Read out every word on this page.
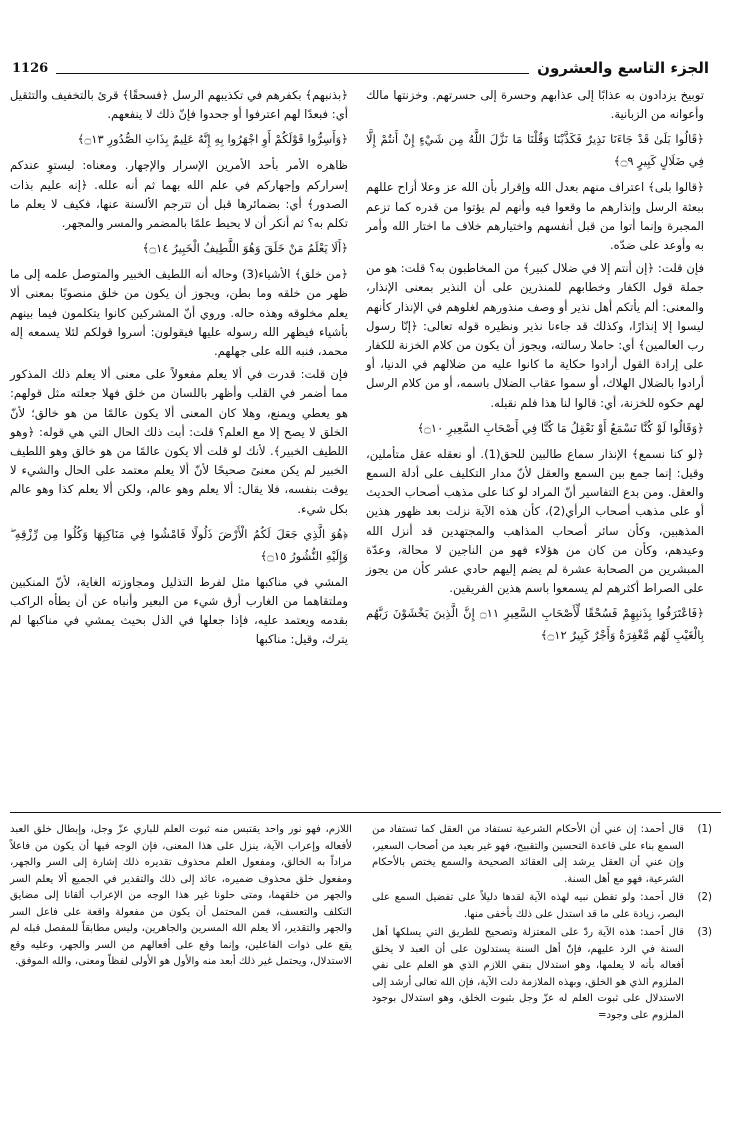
1126	الجزء التاسع والعشرون

توبيخ يزدادون به عذابًا إلى عذابهم وحسرة إلى حسرتهم. وخزنتها مالك وأعوانه من الزبانية.

﴿قَالُوا بَلَىٰ قَدْ جَاءَنَا نَذِيرٌ فَكَذَّبْنَا وَقُلْنَا مَا نَزَّلَ اللَّهُ مِن شَيْءٍ إِنْ أَنتُمْ إِلَّا فِي ضَلَالٍ كَبِيرٍ ۝٩﴾

﴿قالوا بلى﴾ اعتراف منهم بعدل الله وإقرار بأن الله عز وعلا أزاح عللهم ببعثة الرسل وإنذارهم ما وقعوا فيه وأنهم لم يؤتوا من قدره كما تزعم المجبرة وإنما أتوا من قبل أنفسهم واختيارهم خلاف ما اختار الله وأمر به وأوعد على ضدّه.

فإن قلت: ﴿إن أنتم إلا في ضلال كبير﴾ من المخاطبون به؟ قلت: هو من جملة قول الكفار وخطابهم للمنذرين على أن النذير بمعنى الإنذار، والمعنى: ألم يأتكم أهل نذير أو وصف منذورهم لغلوهم في الإنذار كأنهم ليسوا إلا إنذارًا، وكذلك قد جاءنا نذير ونظيره قوله تعالى: ﴿إنّا رسول رب العالمين﴾ أي: حاملا رسالته، ويجوز أن يكون من كلام الخزنة للكفار على إرادة القول أرادوا حكاية ما كانوا عليه من ضلالهم في الدنيا، أو أرادوا بالضلال الهلاك، أو سموا عقاب الضلال باسمه، أو من كلام الرسل لهم حكوه للخزنة، أي: قالوا لنا هذا فلم نقبله.

﴿وَقَالُوا لَوْ كُنَّا نَسْمَعُ أَوْ نَعْقِلُ مَا كُنَّا فِي أَصْحَابِ السَّعِيرِ ۝١٠﴾

﴿لو كنا نسمع﴾ الإنذار سماع طالبين للحق(1). أو نعقله عقل متأملين، وقيل: إنما جمع بين السمع والعقل لأنّ مدار التكليف على أدلة السمع والعقل. ومن بدع التفاسير أنّ المراد لو كنا على مذهب أصحاب الحديث أو على مذهب أصحاب الرأي(2)، كأن هذه الآية نزلت بعد ظهور هذين المذهبين، وكأن سائر أصحاب المذاهب والمجتهدين قد أنزل الله وعيدهم، وكأن من كان من هؤلاء فهو من الناجين لا محالة، وعدّة المبشرين من الصحابة عشرة لم يضم إليهم حادي عشر كأن من يجوز على الصراط أكثرهم لم يسمعوا باسم هذين الفريقين.

﴿فَاعْتَرَفُوا بِذَنبِهِمْ فَسُحْقًا لِّأَصْحَابِ السَّعِيرِ ۝١١ إِنَّ الَّذِينَ يَخْشَوْنَ رَبَّهُم بِالْغَيْبِ لَهُم مَّغْفِرَةٌ وَأَجْرٌ كَبِيرٌ ۝١٢﴾

﴿بذنبهم﴾ بكفرهم في تكذيبهم الرسل ﴿فسحقًا﴾ قرئ بالتخفيف والتثقيل أي: فبعدًا لهم اعترفوا أو جحدوا فإنّ ذلك لا ينفعهم.

﴿وَأَسِرُّوا قَوْلَكُمْ أَوِ اجْهَرُوا بِهِ إِنَّهُ عَلِيمٌ بِذَاتِ الصُّدُورِ ۝١٣﴾

ظاهره الأمر بأحد الأمرين الإسرار والإجهار. ومعناه: ليستوِ عندكم إسراركم وإجهاركم في علم الله بهما ثم أنه علله. ﴿إنه عليم بذات الصدور﴾ أي: بضمائرها قبل أن تترجم الألسنة عنها، فكيف لا يعلم ما تكلم به؟ ثم أنكر أن لا يحيط علمًا بالمضمر والمسر والمجهر.

﴿أَلَا يَعْلَمُ مَنْ خَلَقَ وَهُوَ اللَّطِيفُ الْخَبِيرُ ۝١٤﴾

﴿من خلق﴾ الأشياء(3) وحاله أنه اللطيف الخبير والمتوصل علمه إلى ما ظهر من خلقه وما بطن، ويجوز أن يكون من خلق منصوبًا بمعنى ألا يعلم مخلوقه وهذه حاله. وروي أنّ المشركين كانوا يتكلمون فيما بينهم بأشياء فيظهر الله رسوله عليها فيقولون: أسروا قولكم لئلا يسمعه إله محمد، فنبه الله على جهلهم.

فإن قلت: قدرت في ألا يعلم مفعولاً على معنى ألا يعلم ذلك المذكور مما أضمر في القلب وأظهر باللسان من خلق فهلا جعلته مثل قولهم: هو يعطي ويمنع، وهلا كان المعنى ألا يكون عالمًا من هو خالق؛ لأنّ الخلق لا يصح إلا مع العلم؟ قلت: أبت ذلك الحال التي هي قوله: ﴿وهو اللطيف الخبير﴾. لأنك لو قلت ألا يكون عالمًا من هو خالق وهو اللطيف الخبير لم يكن معنىً صحيحًا لأنّ ألا يعلم معتمد على الحال والشيء لا يوقت بنفسه، فلا يقال: ألا يعلم وهو عالم، ولكن ألا يعلم كذا وهو عالم بكل شيء.

﴿هُوَ الَّذِي جَعَلَ لَكُمُ الْأَرْضَ ذَلُولًا فَامْشُوا فِي مَنَاكِبِهَا وَكُلُوا مِن رِّزْقِهِ ۖ وَإِلَيْهِ النُّشُورُ ۝١٥﴾

المشي في مناكبها مثل لفرط التذليل ومجاوزته الغاية، لأنّ المنكبين وملتقاهما من الغارب أرق شيء من البعير وأنباه عن أن يطأه الراكب بقدمه ويعتمد عليه، فإذا جعلها في الذل بحيث يمشي في مناكبها لم يترك، وقيل: مناكبها

(1)
قال أحمد: إن عني أن الأحكام الشرعية تستفاد من العقل كما تستفاد من السمع بناء على قاعدة التحسين والتقبيح، فهو غير بعيد من أصحاب السعير، وإن عني أن العقل يرشد إلى العقائد الصحيحة والسمع يختص بالأحكام الشرعية، فهو مع أهل السنة.
(2)
قال أحمد: ولو تفطن نبيه لهذه الآية لقدها دليلاً على تفضيل السمع على البصر، زيادة على ما قد استدل على ذلك بأخفى منها.
(3)
قال أحمد: هذه الآية ردّ على المعتزلة وتصحيح للطريق التي يسلكها أهل السنة في الرد عليهم، فإنّ أهل السنة يستدلون على أن العبد لا يخلق أفعاله بأنه لا يعلمها، وهو استدلال بنفي اللازم الذي هو العلم على نفي الملزوم الذي هو الخلق، وبهذه الملازمة دلت الآية، فإن الله تعالى أرشد إلى الاستدلال على ثبوت العلم له عزّ وجل بثبوت الخلق، وهو استدلال بوجود الملزوم على وجود=

اللازم، فهو نور واحد يقتبس منه ثبوت العلم للباري عزّ وجل، وإبطال خلق العبد لأفعاله وإعراب الآية، ينزل على هذا المعنى، فإن الوجه فيها أن يكون من فاعلاً مراداً به الخالق، ومفعول العلم محذوف تقديره ذلك إشارة إلى السر والجهر، ومفعول خلق محذوف ضميره، عائد إلى ذلك والتقدير في الجميع ألا يعلم السر والجهر من خلقهما، ومتى حلونا غير هذا الوجه من الإعراب ألقانا إلى مضايق التكلف والتعسف، فمن المحتمل أن يكون من مفعولة واقعة على فاعل السر والجهر والتقدير، ألا يعلم الله المسرين والجاهرين، وليس مطابقاً للمفصل قبله لم يقع على ذوات الفاعلين، وإنما وقع على أفعالهم من السر والجهر، وعليه وقع الاستدلال، ويحتمل غير ذلك أبعد منه والأول هو الأولى لفظاً ومعنى، والله الموفق.
